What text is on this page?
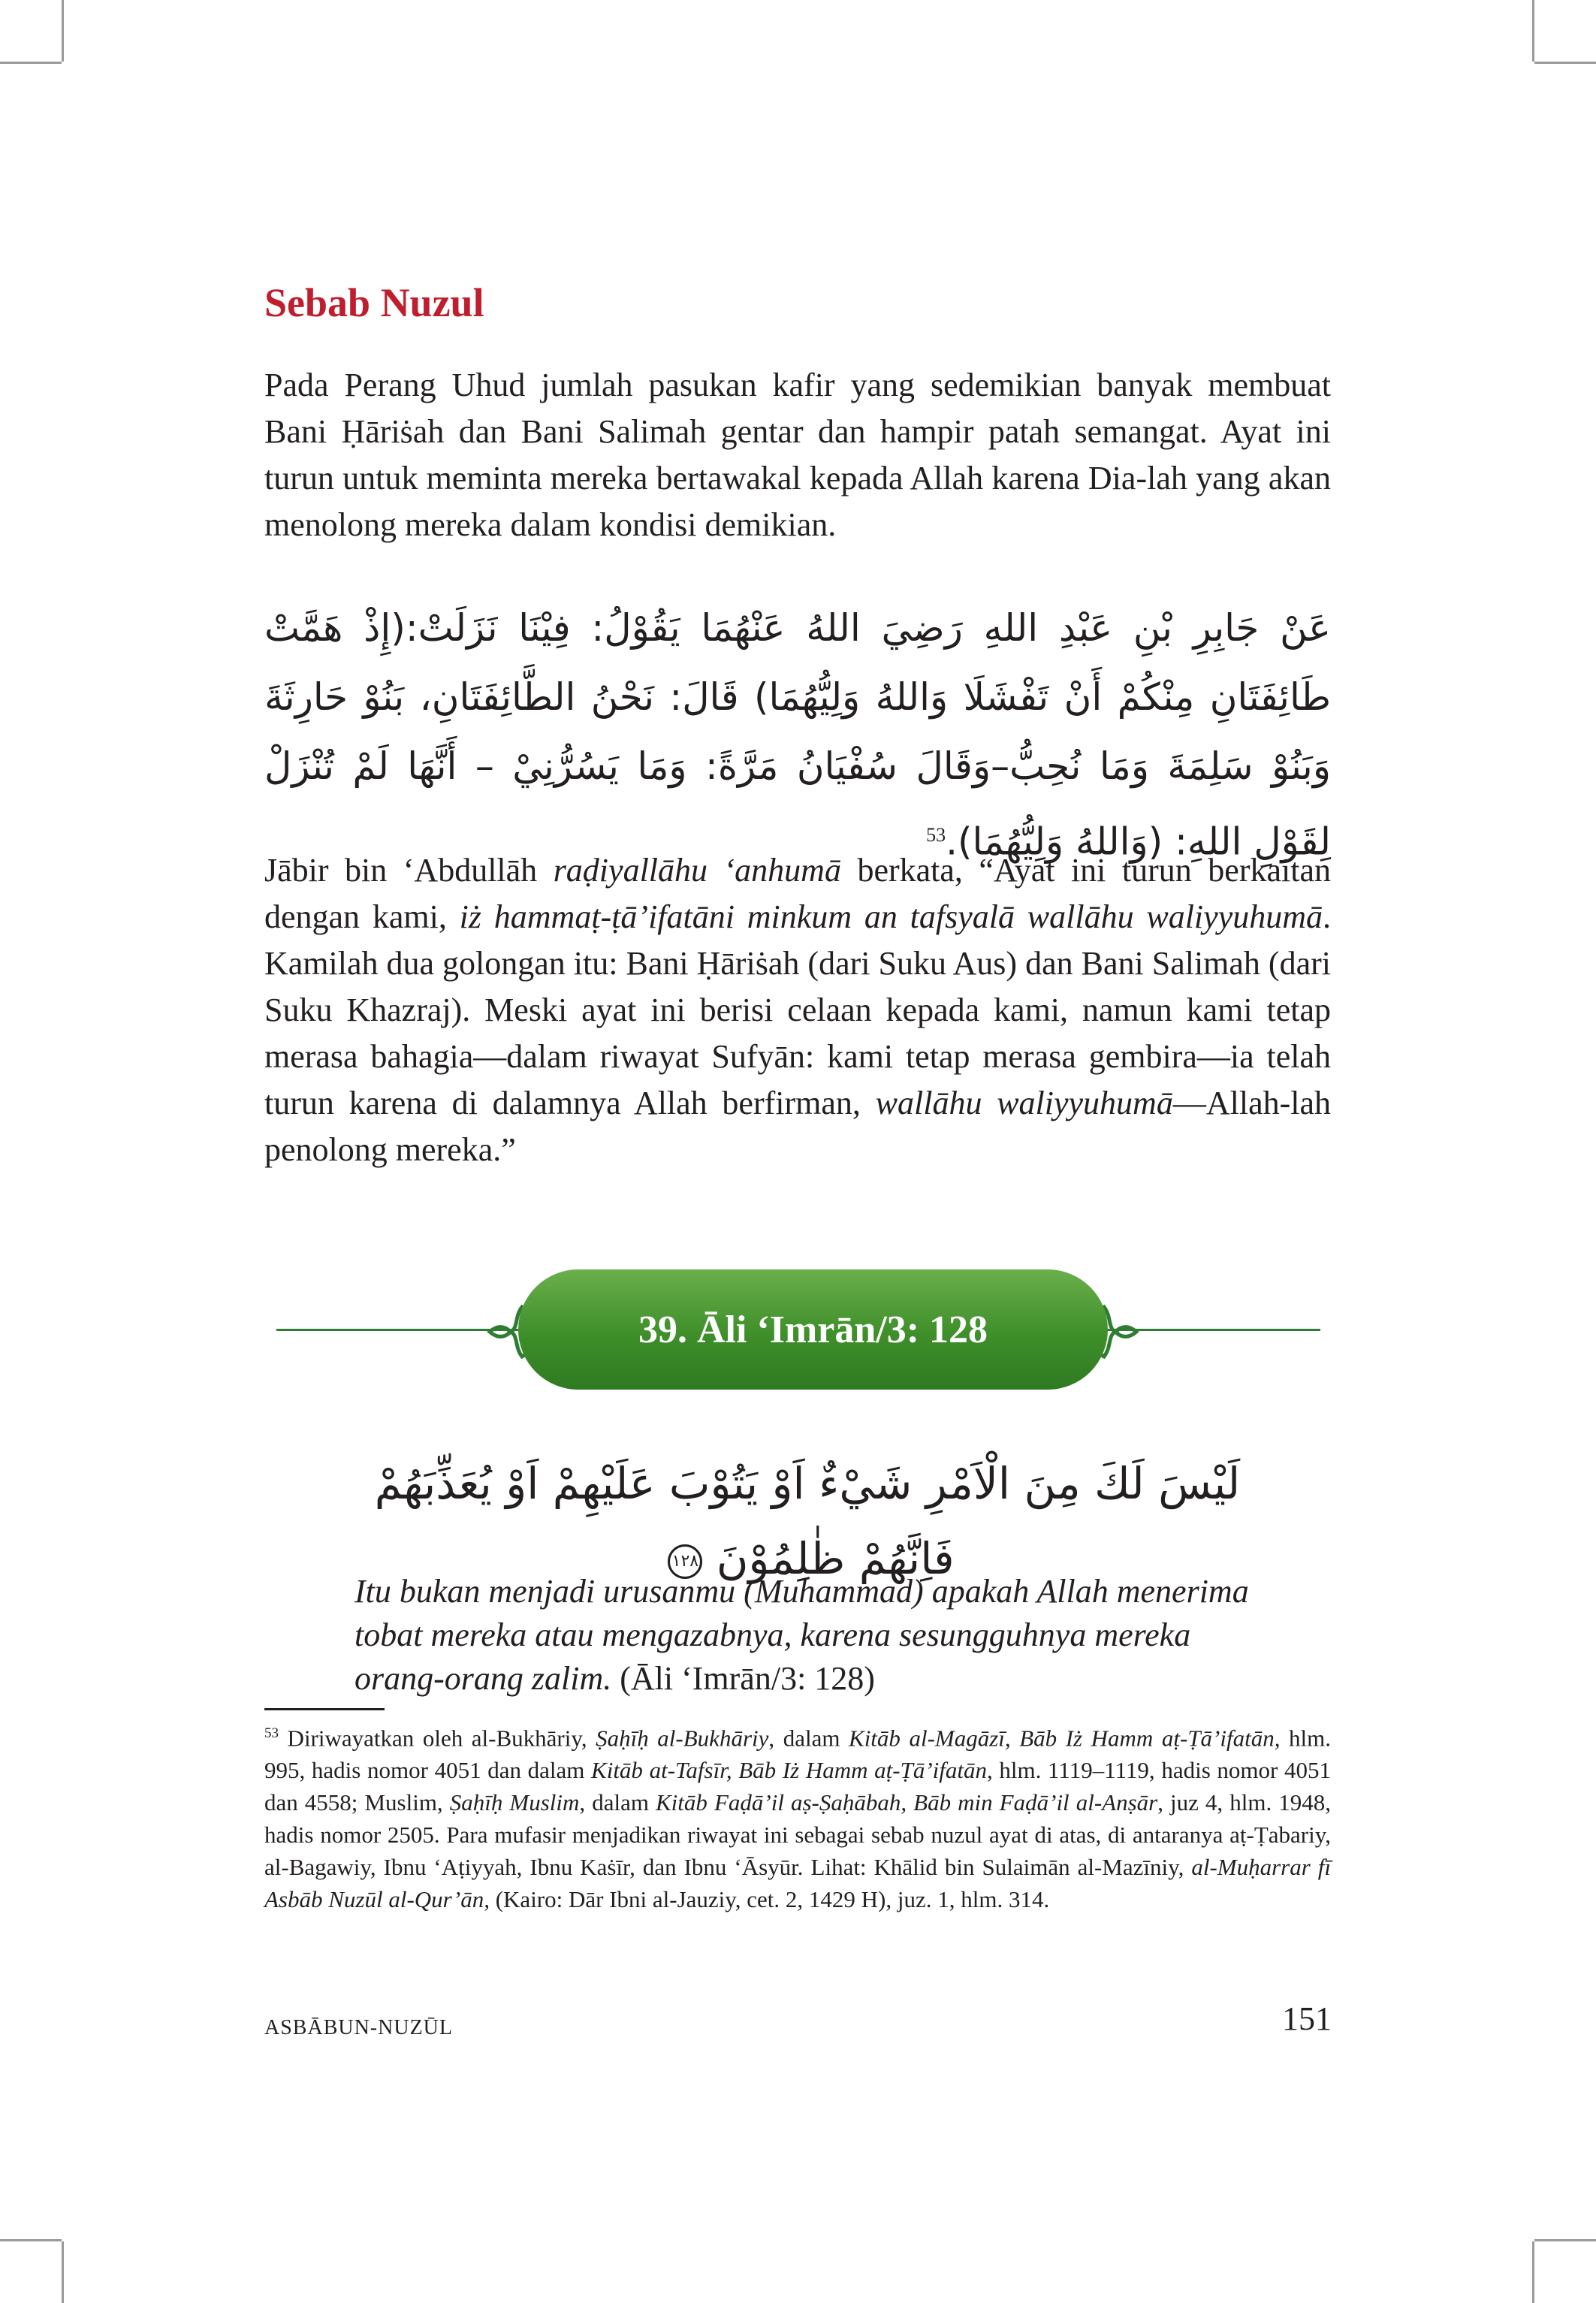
Sebab Nuzul

Pada Perang Uhud jumlah pasukan kafir yang sedemikian banyak membuat Bani Ḥāriṡah dan Bani Salimah gentar dan hampir patah semangat. Ayat ini turun untuk meminta mereka bertawakal kepada Allah karena Dia-lah yang akan menolong mereka dalam kondisi demikian.

عَنْ جَابِرِ بْنِ عَبْدِ اللهِ رَضِيَ اللهُ عَنْهُمَا يَقُوْلُ: فِيْنَا نَزَلَتْ:(إِذْ هَمَّتْ طَائِفَتَانِ مِنْكُمْ أَنْ تَفْشَلَا وَاللهُ وَلِيُّهُمَا) قَالَ: نَحْنُ الطَّائِفَتَانِ، بَنُوْ حَارِثَةَ وَبَنُوْ سَلِمَةَ وَمَا نُحِبُّ–وَقَالَ سُفْيَانُ مَرَّةً: وَمَا يَسُرُّنِيْ – أَنَّهَا لَمْ تُنْزَلْ لِقَوْلِ اللهِ: (وَاللهُ وَلِيُّهُمَا).$^{53}$

Jābir bin ʻAbdullāh raḍiyallāhu ʻanhumā berkata, “Ayat ini turun berkaitan dengan kami, iż hammaṭ-ṭā’ifatāni minkum an tafsyalā wallāhu waliyyuhumā. Kamilah dua golongan itu: Bani Ḥāriṡah (dari Suku Aus) dan Bani Salimah (dari Suku Khazraj). Meski ayat ini berisi celaan kepada kami, namun kami tetap merasa bahagia—dalam riwayat Sufyān: kami tetap merasa gembira—ia telah turun karena di dalamnya Allah berfirman, wallāhu waliyyuhumā—Allah-lah penolong mereka.”

39. Āli ‘Imrān/3: 128
لَيْسَ لَكَ مِنَ الْاَمْرِ شَيْءٌ اَوْ يَتُوْبَ عَلَيْهِمْ اَوْ يُعَذِّبَهُمْ فَاِنَّهُمْ ظٰلِمُوْنَ ١٢٨

Itu bukan menjadi urusanmu (Muhammad) apakah Allah menerima tobat mereka atau mengazabnya, karena sesungguhnya mereka orang-orang zalim. (Āli ‘Imrān/3: 128)

$^{53}$ Diriwayatkan oleh al-Bukhāriy, Ṣaḥīḥ al-Bukhāriy, dalam Kitāb al-Magāzī, Bāb Iż Hamm aṭ-Ṭā’ifatān, hlm. 995, hadis nomor 4051 dan dalam Kitāb at-Tafsīr, Bāb Iż Hamm aṭ-Ṭā’ifatān, hlm. 1119–1119, hadis nomor 4051 dan 4558; Muslim, Ṣaḥīḥ Muslim, dalam Kitāb Faḍā’il aṣ-Ṣaḥābah, Bāb min Faḍā’il al-Anṣār, juz 4, hlm. 1948, hadis nomor 2505. Para mufasir menjadikan riwayat ini sebagai sebab nuzul ayat di atas, di antaranya aṭ-Ṭabariy, al-Bagawiy, Ibnu ʻAṭiyyah, Ibnu Kaṡīr, dan Ibnu ʻĀsyūr. Lihat: Khālid bin Sulaimān al-Mazīniy, al-Muḥarrar fī Asbāb Nuzūl al-Qur’ān, (Kairo: Dār Ibni al-Jauziy, cet. 2, 1429 H), juz. 1, hlm. 314.

ASBĀBUN-NUZŪL	151
